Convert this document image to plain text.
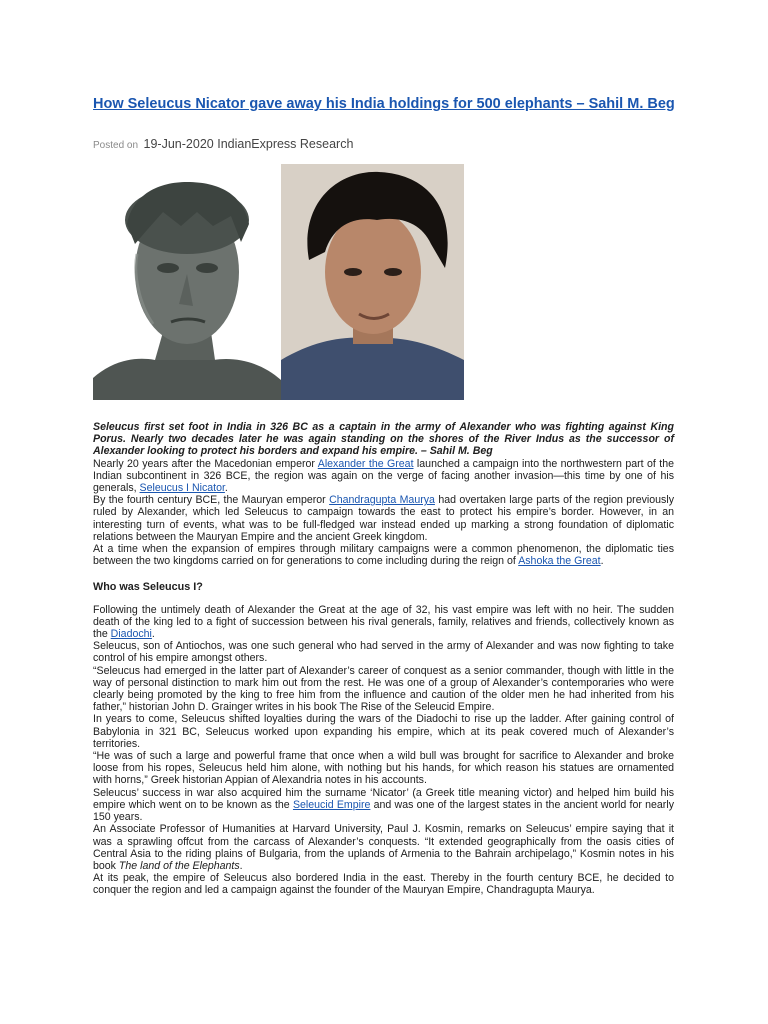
How Seleucus Nicator gave away his India holdings for 500 elephants – Sahil M. Beg
Posted on 19-Jun-2020 IndianExpress Research

Seleucus first set foot in India in 326 BC as a captain in the army of Alexander who was fighting against King Porus. Nearly two decades later he was again standing on the shores of the River Indus as the successor of Alexander looking to protect his borders and expand his empire. – Sahil M. Beg

Nearly 20 years after the Macedonian emperor Alexander the Great launched a campaign into the northwestern part of the Indian subcontinent in 326 BCE, the region was again on the verge of facing another invasion—this time by one of his generals, Seleucus I Nicator.

By the fourth century BCE, the Mauryan emperor Chandragupta Maurya had overtaken large parts of the region previously ruled by Alexander, which led Seleucus to campaign towards the east to protect his empire’s border. However, in an interesting turn of events, what was to be full-fledged war instead ended up marking a strong foundation of diplomatic relations between the Mauryan Empire and the ancient Greek kingdom.

At a time when the expansion of empires through military campaigns were a common phenomenon, the diplomatic ties between the two kingdoms carried on for generations to come including during the reign of Ashoka the Great.

Who was Seleucus I?

Following the untimely death of Alexander the Great at the age of 32, his vast empire was left with no heir. The sudden death of the king led to a fight of succession between his rival generals, family, relatives and friends, collectively known as the Diadochi.

Seleucus, son of Antiochos, was one such general who had served in the army of Alexander and was now fighting to take control of his empire amongst others.

“Seleucus had emerged in the latter part of Alexander’s career of conquest as a senior commander, though with little in the way of personal distinction to mark him out from the rest. He was one of a group of Alexander’s contemporaries who were clearly being promoted by the king to free him from the influence and caution of the older men he had inherited from his father,” historian John D. Grainger writes in his book The Rise of the Seleucid Empire.

In years to come, Seleucus shifted loyalties during the wars of the Diadochi to rise up the ladder. After gaining control of Babylonia in 321 BC, Seleucus worked upon expanding his empire, which at its peak covered much of Alexander’s territories.

“He was of such a large and powerful frame that once when a wild bull was brought for sacrifice to Alexander and broke loose from his ropes, Seleucus held him alone, with nothing but his hands, for which reason his statues are ornamented with horns,” Greek historian Appian of Alexandria notes in his accounts.

Seleucus’ success in war also acquired him the surname ‘Nicator’ (a Greek title meaning victor) and helped him build his empire which went on to be known as the Seleucid Empire and was one of the largest states in the ancient world for nearly 150 years.

An Associate Professor of Humanities at Harvard University, Paul J. Kosmin, remarks on Seleucus’ empire saying that it was a sprawling offcut from the carcass of Alexander’s conquests. “It extended geographically from the oasis cities of Central Asia to the riding plains of Bulgaria, from the uplands of Armenia to the Bahrain archipelago,” Kosmin notes in his book The land of the Elephants.

At its peak, the empire of Seleucus also bordered India in the east. Thereby in the fourth century BCE, he decided to conquer the region and led a campaign against the founder of the Mauryan Empire, Chandragupta Maurya.
